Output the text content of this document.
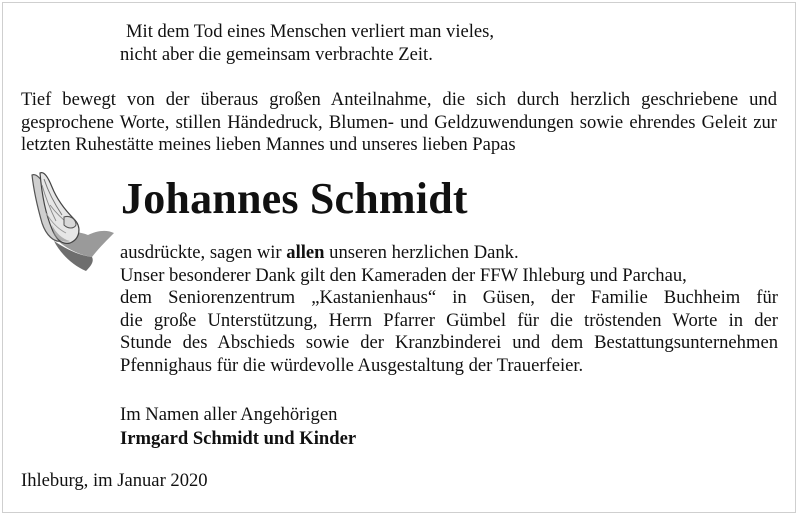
Mit dem Tod eines Menschen verliert man vieles,

nicht aber die gemeinsam verbrachte Zeit.

Tief bewegt von der überaus großen Anteilnahme, die sich durch herzlich geschriebene und gesprochene Worte, stillen Händedruck, Blumen- und Geldzuwendungen sowie ehrendes Geleit zur letzten Ruhestätte meines lieben Mannes und unseres lieben Papas

Johannes Schmidt

ausdrückte, sagen wir allen unseren herzlichen Dank.
Unser besonderer Dank gilt den Kameraden der FFW Ihleburg und Parchau,
dem Seniorenzentrum „Kastanienhaus“ in Güsen, der Familie Buchheim für
die große Unterstützung, Herrn Pfarrer Gümbel für die tröstenden Worte in der
Stunde des Abschieds sowie der Kranzbinderei und dem Bestattungsunternehmen
Pfennighaus für die würdevolle Ausgestaltung der Trauerfeier.

Im Namen aller Angehörigen

Irmgard Schmidt und Kinder

Ihleburg, im Januar 2020
